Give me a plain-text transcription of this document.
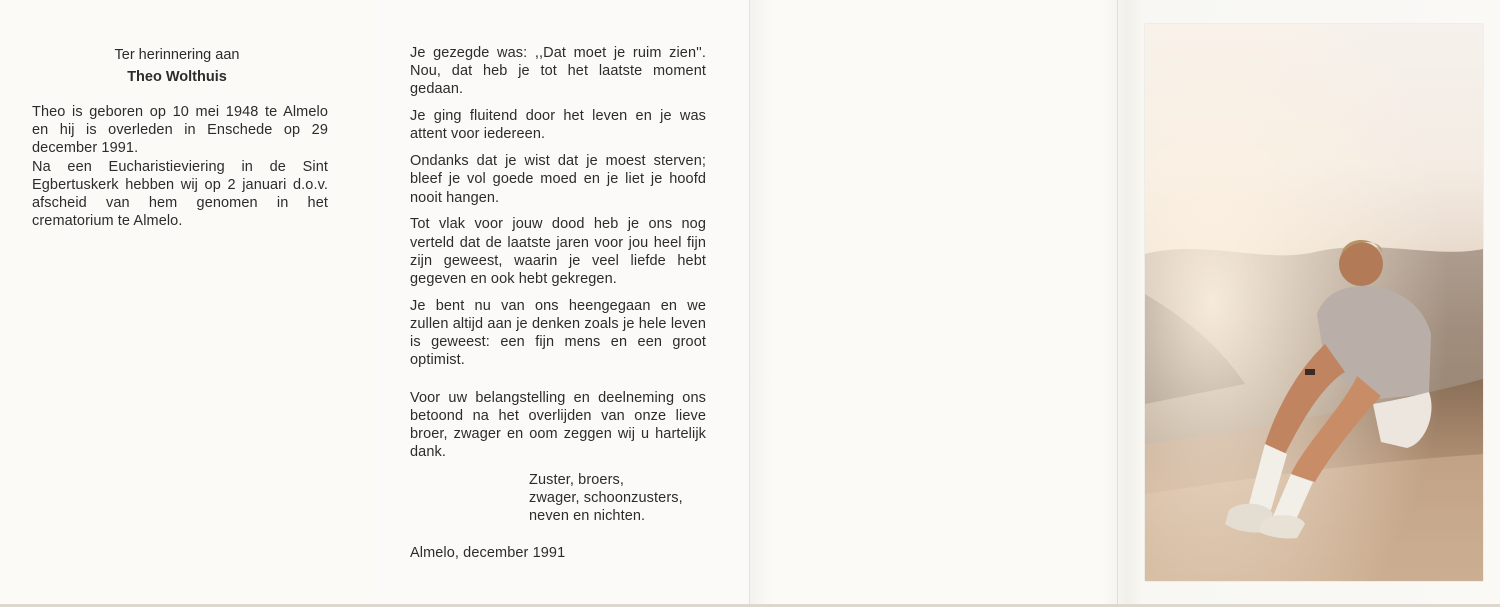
Ter herinnering aan
Theo Wolthuis

Theo is geboren op 10 mei 1948 te Almelo en hij is overleden in Enschede op 29 december 1991.

Na een Eucharistieviering in de Sint Egbertuskerk hebben wij op 2 januari d.o.v. afscheid van hem genomen in het crematorium te Almelo.

Je gezegde was: ,,Dat moet je ruim zien''. Nou, dat heb je tot het laatste moment gedaan.

Je ging fluitend door het leven en je was attent voor iedereen.

Ondanks dat je wist dat je moest sterven; bleef je vol goede moed en je liet je hoofd nooit hangen.

Tot vlak voor jouw dood heb je ons nog verteld dat de laatste jaren voor jou heel fijn zijn geweest, waarin je veel liefde hebt gegeven en ook hebt gekregen.

Je bent nu van ons heengegaan en we zullen altijd aan je denken zoals je hele leven is geweest: een fijn mens en een groot optimist.

Voor uw belangstelling en deelneming ons betoond na het overlijden van onze lieve broer, zwager en oom zeggen wij u hartelijk dank.

Zuster, broers,
zwager, schoonzusters,
neven en nichten.
Almelo, december 1991
